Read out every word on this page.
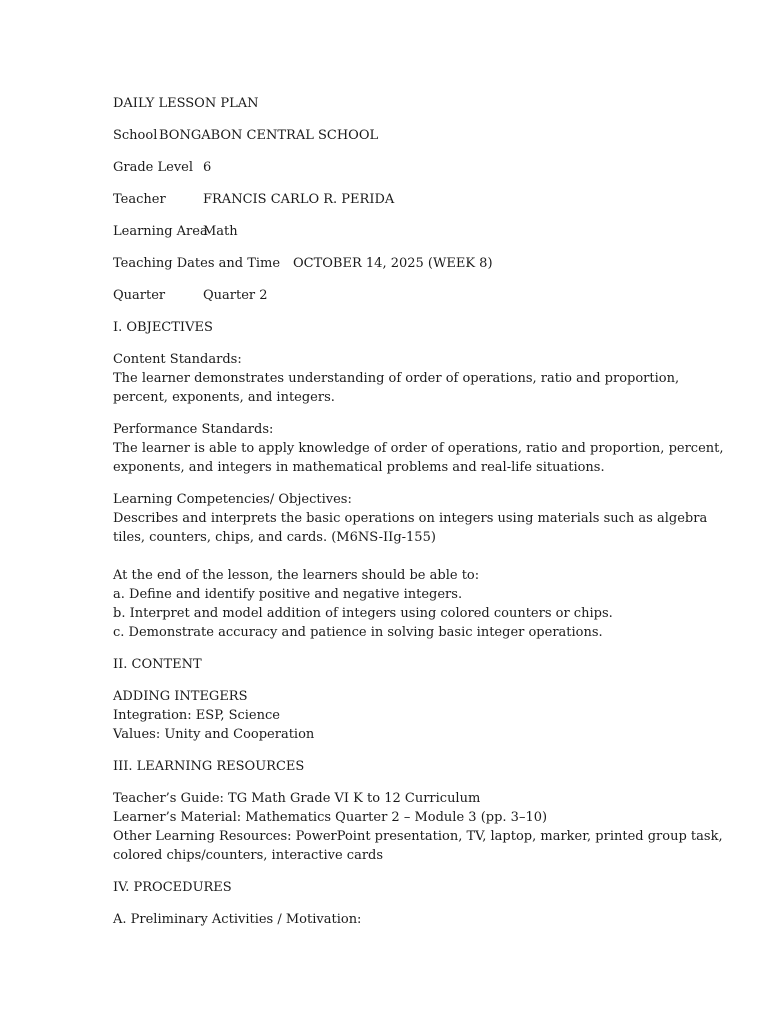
DAILY LESSON PLAN
School BONGABON CENTRAL SCHOOL
Grade Level 6
Teacher	FRANCIS CARLO R. PERIDA
Learning AreaMath
Teaching Dates and Time OCTOBER 14, 2025 (WEEK 8)
Quarter	Quarter 2
I. OBJECTIVES
Content Standards:
The learner demonstrates understanding of order of operations, ratio and proportion,
percent, exponents, and integers.
Performance Standards:
The learner is able to apply knowledge of order of operations, ratio and proportion, percent,
exponents, and integers in mathematical problems and real-life situations.
Learning Competencies/ Objectives:
Describes and interprets the basic operations on integers using materials such as algebra
tiles, counters, chips, and cards. (M6NS-IIg-155)
At the end of the lesson, the learners should be able to:
a. Define and identify positive and negative integers.
b. Interpret and model addition of integers using colored counters or chips.
c. Demonstrate accuracy and patience in solving basic integer operations.
II. CONTENT
ADDING INTEGERS
Integration: ESP, Science
Values: Unity and Cooperation
III. LEARNING RESOURCES
Teacher’s Guide: TG Math Grade VI K to 12 Curriculum
Learner’s Material: Mathematics Quarter 2 – Module 3 (pp. 3–10)
Other Learning Resources: PowerPoint presentation, TV, laptop, marker, printed group task,
colored chips/counters, interactive cards
IV. PROCEDURES
A. Preliminary Activities / Motivation:
